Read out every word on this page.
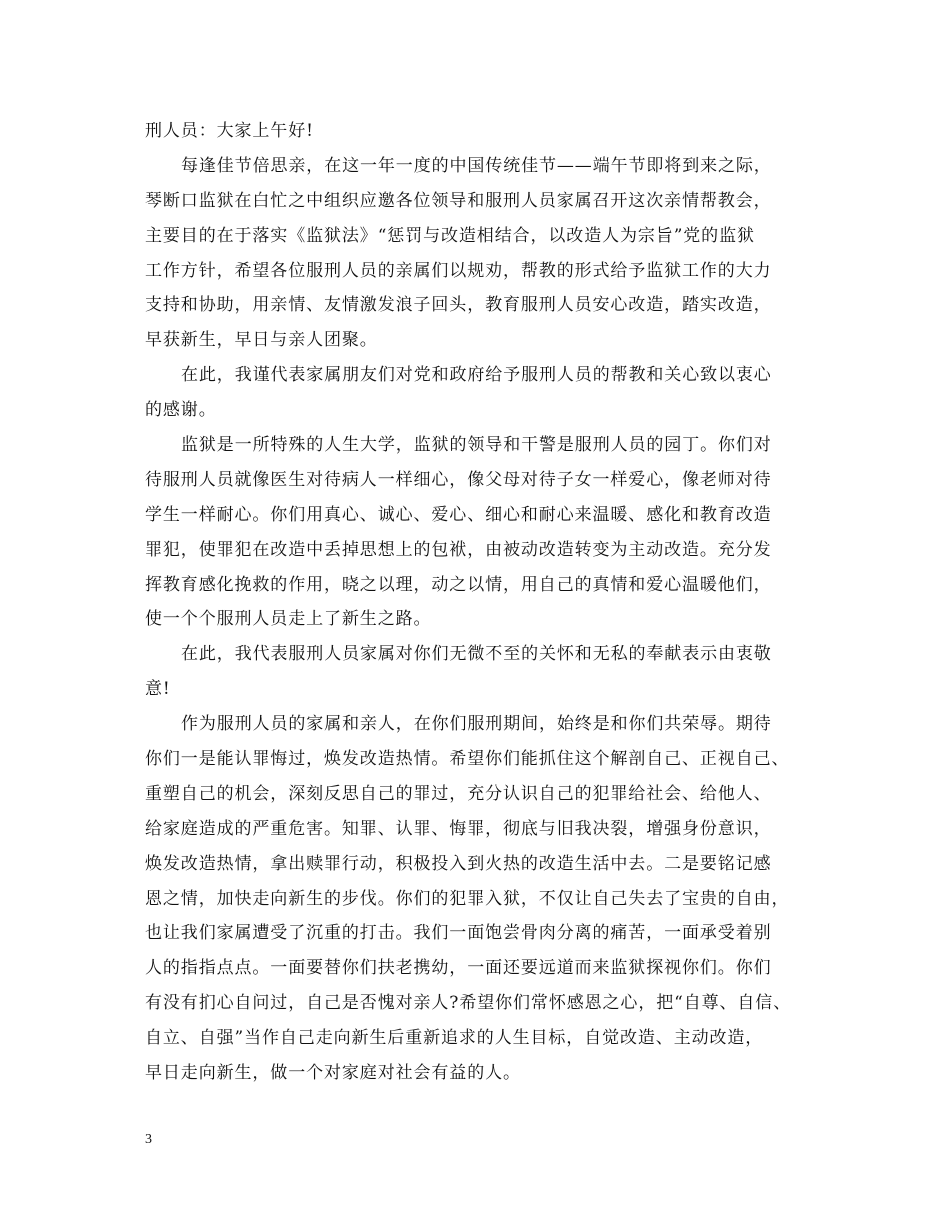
刑人员：大家上午好!
每逢佳节倍思亲，在这一年一度的中国传统佳节——端午节即将到来之际，
琴断口监狱在白忙之中组织应邀各位领导和服刑人员家属召开这次亲情帮教会，
主要目的在于落实《监狱法》“惩罚与改造相结合，以改造人为宗旨”党的监狱
工作方针，希望各位服刑人员的亲属们以规劝，帮教的形式给予监狱工作的大力
支持和协助，用亲情、友情激发浪子回头，教育服刑人员安心改造，踏实改造，
早获新生，早日与亲人团聚。
在此，我谨代表家属朋友们对党和政府给予服刑人员的帮教和关心致以衷心
的感谢。
监狱是一所特殊的人生大学，监狱的领导和干警是服刑人员的园丁。你们对
待服刑人员就像医生对待病人一样细心，像父母对待子女一样爱心，像老师对待
学生一样耐心。你们用真心、诚心、爱心、细心和耐心来温暖、感化和教育改造
罪犯，使罪犯在改造中丢掉思想上的包袱，由被动改造转变为主动改造。充分发
挥教育感化挽救的作用，晓之以理，动之以情，用自己的真情和爱心温暖他们，
使一个个服刑人员走上了新生之路。
在此，我代表服刑人员家属对你们无微不至的关怀和无私的奉献表示由衷敬
意!
作为服刑人员的家属和亲人，在你们服刑期间，始终是和你们共荣辱。期待
你们一是能认罪悔过，焕发改造热情。希望你们能抓住这个解剖自己、正视自己、
重塑自己的机会，深刻反思自己的罪过，充分认识自己的犯罪给社会、给他人、
给家庭造成的严重危害。知罪、认罪、悔罪，彻底与旧我决裂，增强身份意识，
焕发改造热情，拿出赎罪行动，积极投入到火热的改造生活中去。二是要铭记感
恩之情，加快走向新生的步伐。你们的犯罪入狱，不仅让自己失去了宝贵的自由，
也让我们家属遭受了沉重的打击。我们一面饱尝骨肉分离的痛苦，一面承受着别
人的指指点点。一面要替你们扶老携幼，一面还要远道而来监狱探视你们。你们
有没有扪心自问过，自己是否愧对亲人?希望你们常怀感恩之心，把“自尊、自信、
自立、自强”当作自己走向新生后重新追求的人生目标，自觉改造、主动改造，
早日走向新生，做一个对家庭对社会有益的人。
3
